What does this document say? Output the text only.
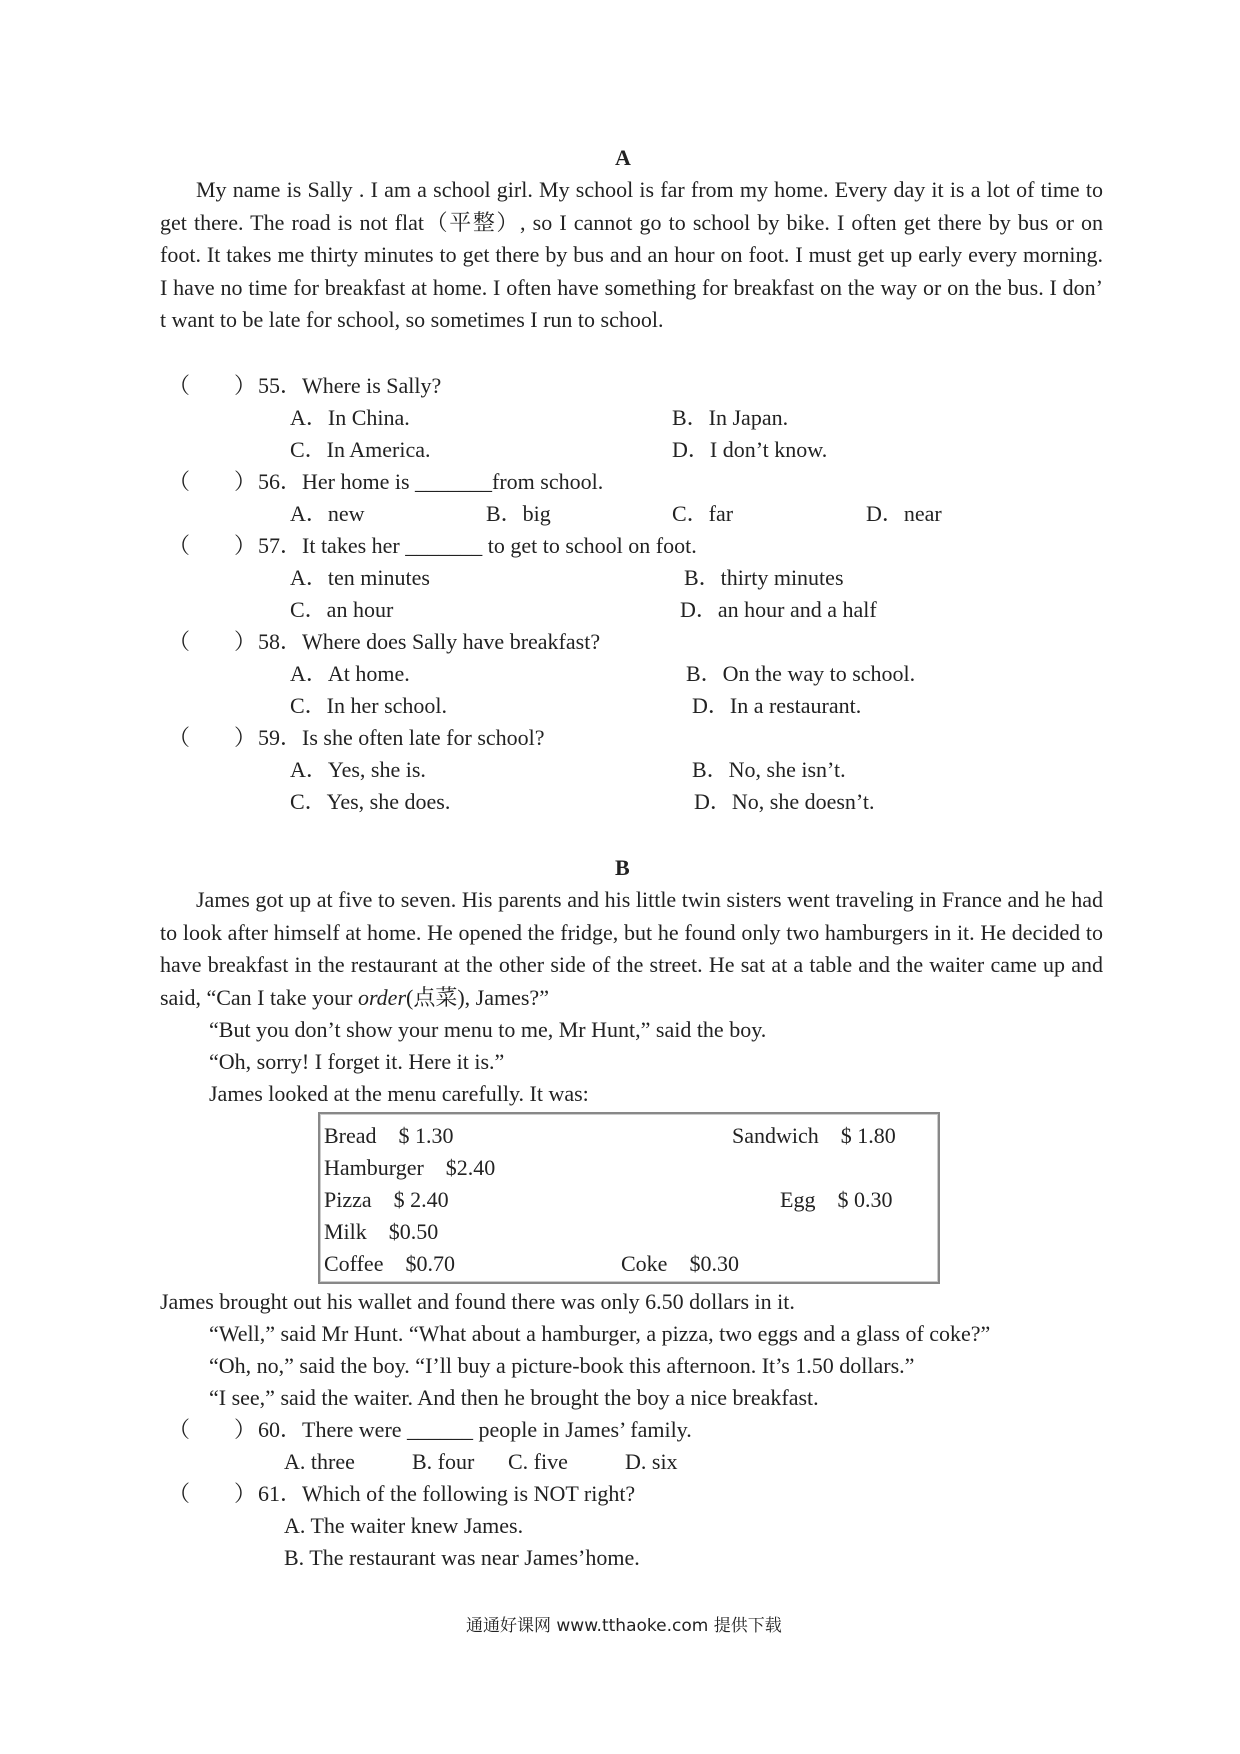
A

My name is Sally . I am a school girl. My school is far from my home. Every day it is a lot of time to get there. The road is not flat（平整）, so I cannot go to school by bike. I often get there by bus or on foot. It takes me thirty minutes to get there by bus and an hour on foot. I must get up early every morning. I have no time for breakfast at home. I often have something for breakfast on the way or on the bus. I don’ t want to be late for school, so sometimes I run to school.

（　　） 55．Where is Sally?
A．In China.	B．In Japan.
C．In America.	D．I don’t know.
（　　） 56．Her home is _______from school.
A．new	B．big	C．far	D．near
（　　） 57．It takes her _______ to get to school on foot.
A．ten minutes	B．thirty minutes
C．an hour	D．an hour and a half
（　　） 58．Where does Sally have breakfast?
A．At home.	B．On the way to school.
C．In her school.	D．In a restaurant.
（　　） 59．Is she often late for school?
A．Yes, she is.	B．No, she isn’t.
C．Yes, she does.	D．No, she doesn’t.
B

James got up at five to seven. His parents and his little twin sisters went traveling in France and he had to look after himself at home. He opened the fridge, but he found only two hamburgers in it. He decided to have breakfast in the restaurant at the other side of the street. He sat at a table and the waiter came up and said, “Can I take your order(点菜), James?”

“But you don’t show your menu to me, Mr Hunt,” said the boy.
“Oh, sorry! I forget it. Here it is.”
James looked at the menu carefully. It was:
Bread　$ 1.30	Sandwich　$ 1.80
Hamburger　$2.40
Pizza　$ 2.40	Egg　$ 0.30
Milk　$0.50
Coffee　$0.70	Coke　$0.30
James brought out his wallet and found there was only 6.50 dollars in it.
“Well,” said Mr Hunt. “What about a hamburger, a pizza, two eggs and a glass of coke?”
“Oh, no,” said the boy. “I’ll buy a picture-book this afternoon. It’s 1.50 dollars.”
“I see,” said the waiter. And then he brought the boy a nice breakfast.
（　　） 60．There were ______ people in James’ family.
A. three	B. four C. five	D. six
（　　） 61．Which of the following is NOT right?
A. The waiter knew James.
B. The restaurant was near James’home.
通通好课网 www.tthaoke.com 提供下载
